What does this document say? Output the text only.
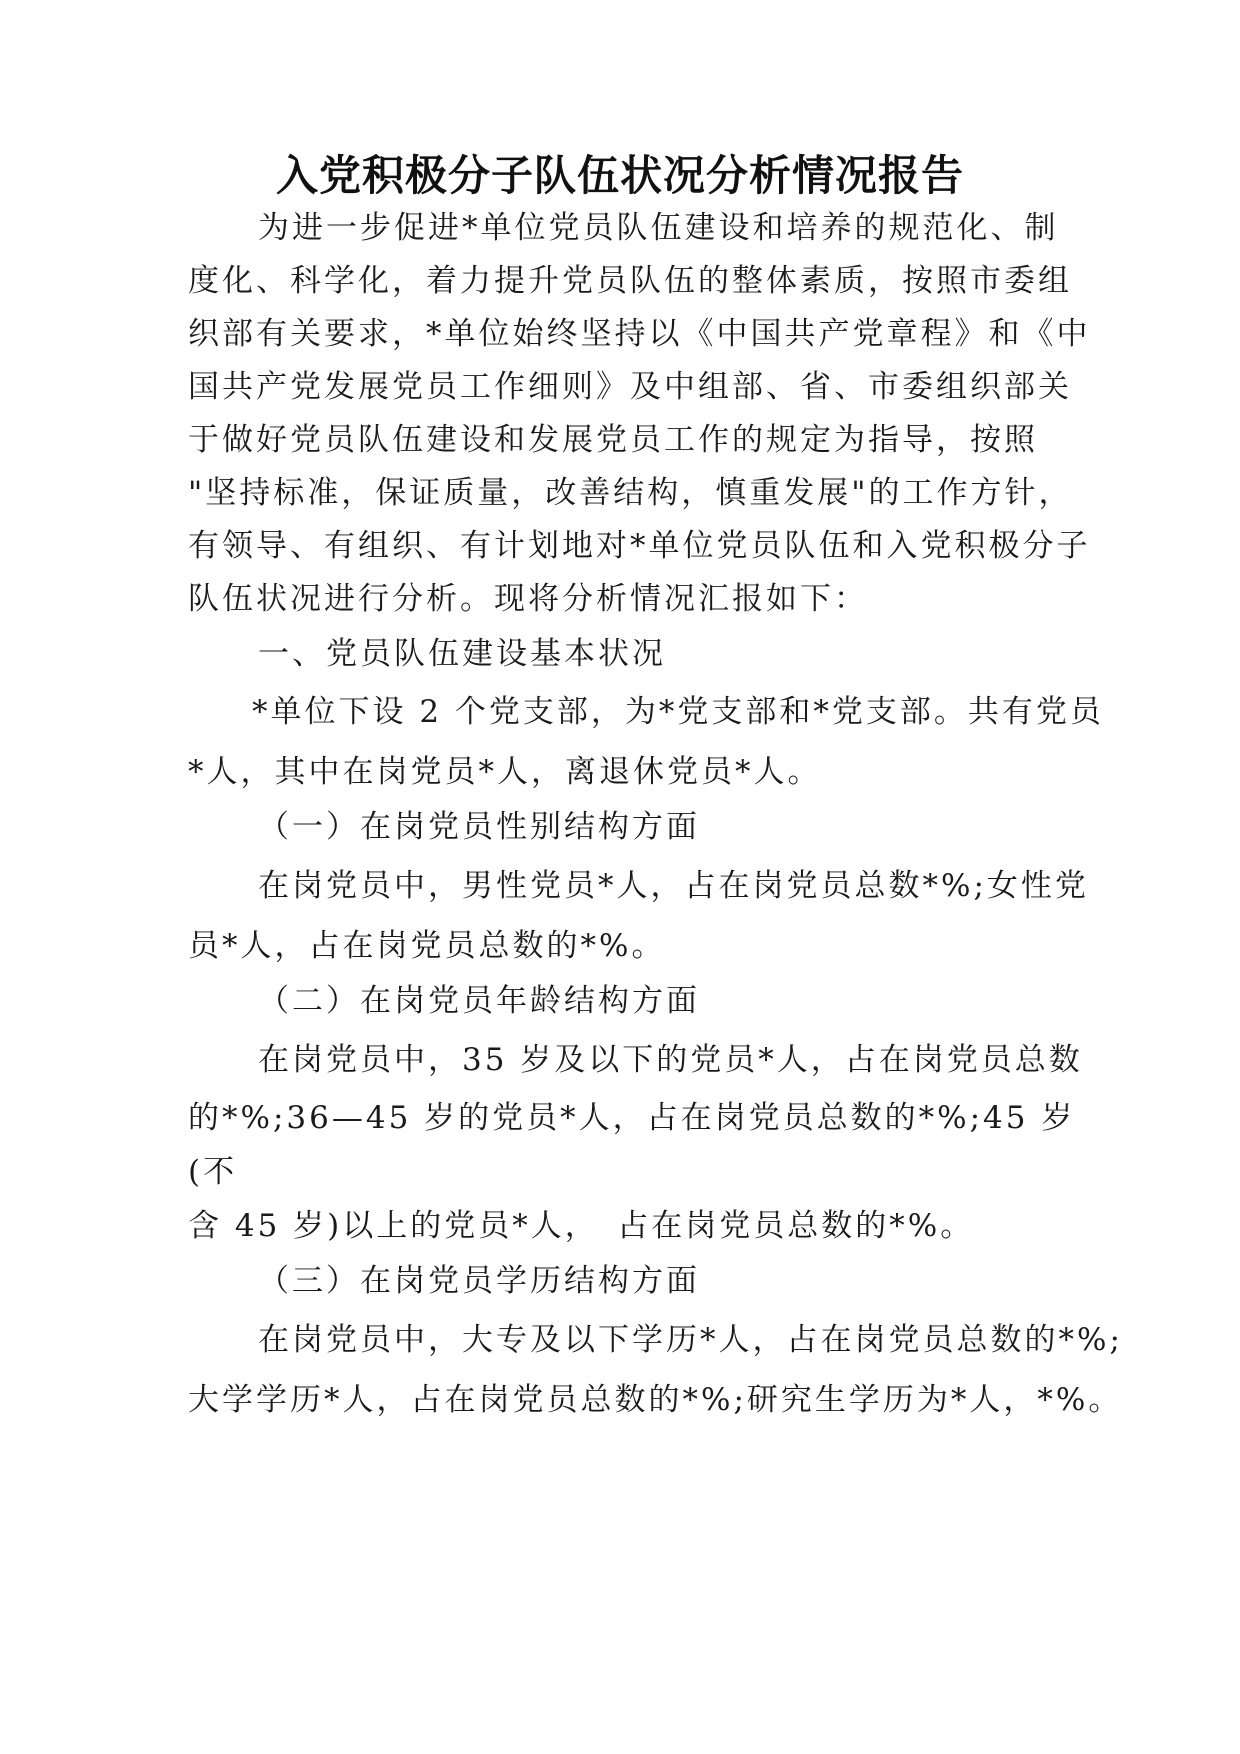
入党积极分子队伍状况分析情况报告
为进一步促进*单位党员队伍建设和培养的规范化、制
度化、科学化，着力提升党员队伍的整体素质，按照市委组
织部有关要求，*单位始终坚持以《中国共产党章程》和《中
国共产党发展党员工作细则》及中组部、省、市委组织部关
于做好党员队伍建设和发展党员工作的规定为指导，按照
"坚持标准，保证质量，改善结构，慎重发展"的工作方针，
有领导、有组织、有计划地对*单位党员队伍和入党积极分子
队伍状况进行分析。现将分析情况汇报如下：
一、党员队伍建设基本状况
*单位下设 2 个党支部，为*党支部和*党支部。共有党员
*人，其中在岗党员*人，离退休党员*人。
（一）在岗党员性别结构方面
在岗党员中，男性党员*人，占在岗党员总数*%;女性党
员*人，占在岗党员总数的*%。
（二）在岗党员年龄结构方面
在岗党员中，35 岁及以下的党员*人，占在岗党员总数
的*%;36—45 岁的党员*人，占在岗党员总数的*%;45 岁
(不
含 45 岁)以上的党员*人，　占在岗党员总数的*%。
（三）在岗党员学历结构方面
在岗党员中，大专及以下学历*人，占在岗党员总数的*%;
大学学历*人，占在岗党员总数的*%;研究生学历为*人，*%。
